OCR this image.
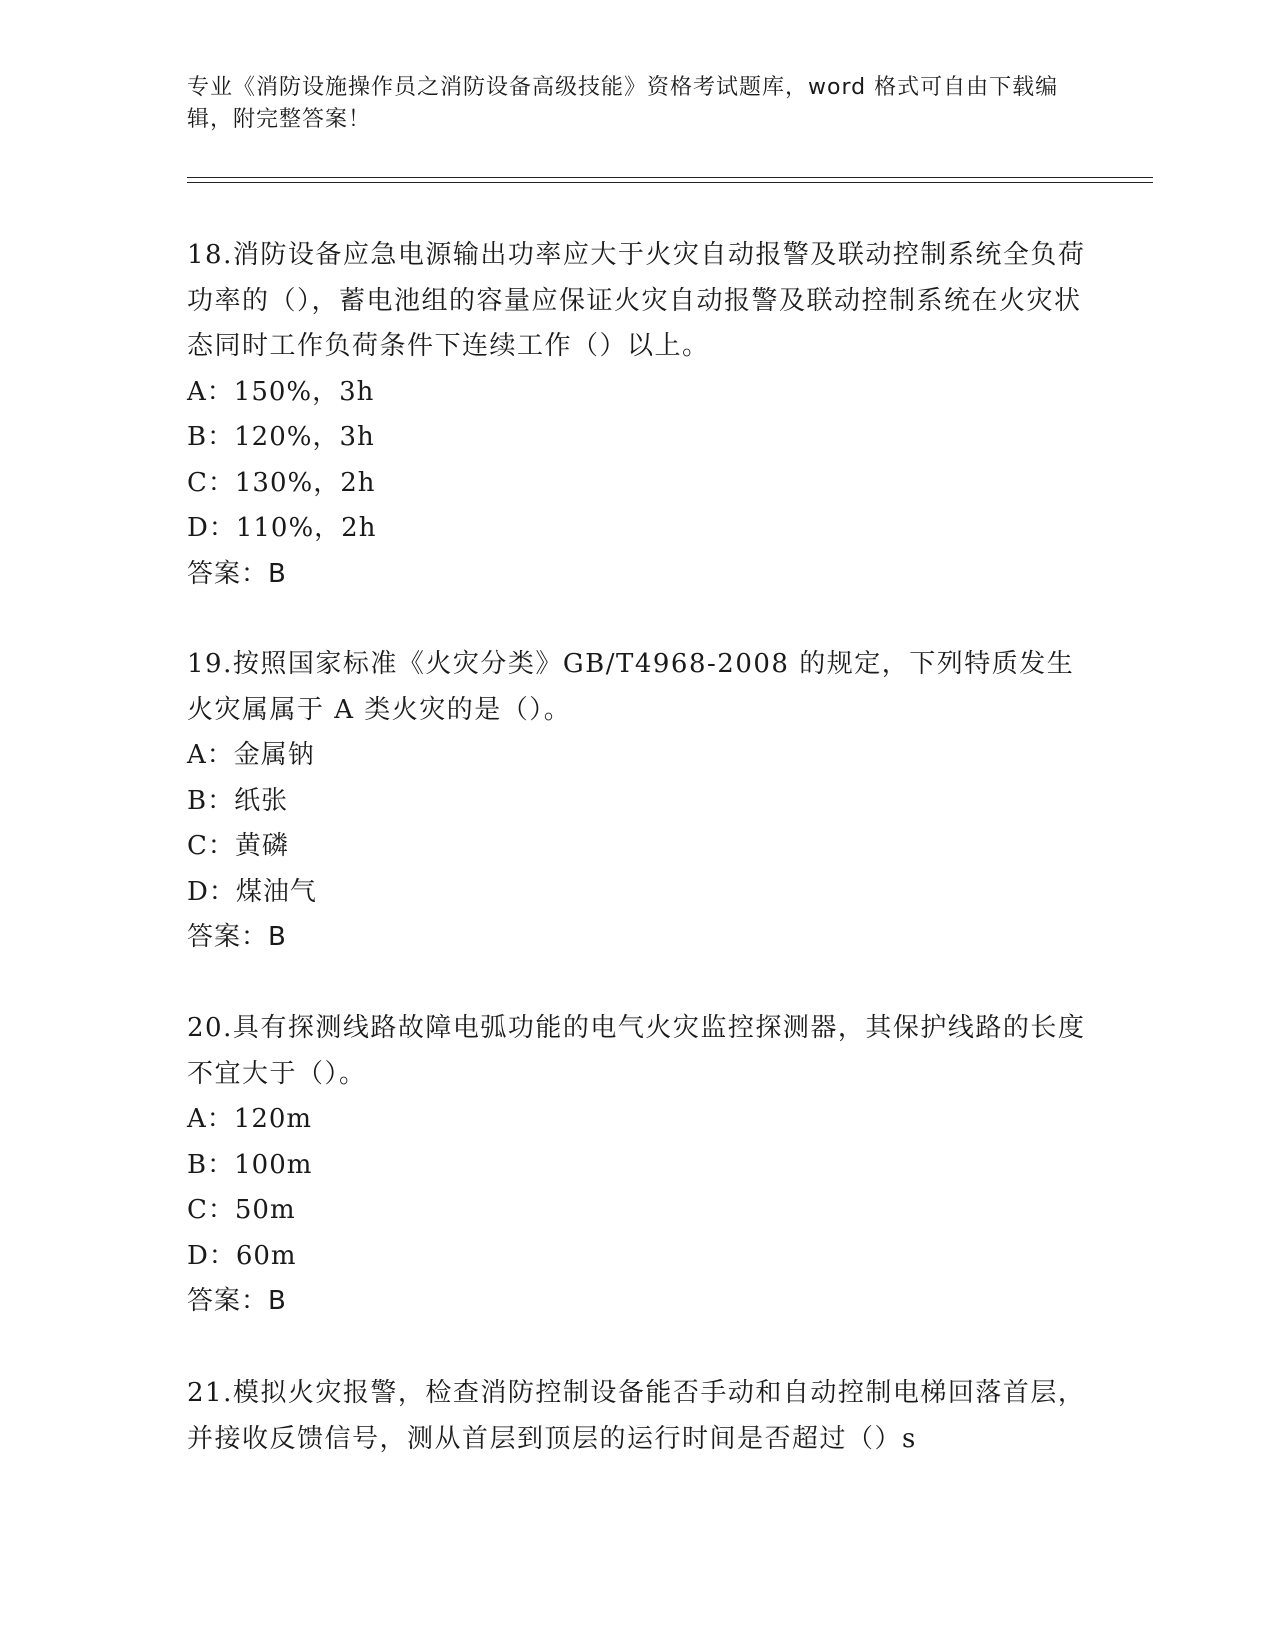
专业《消防设施操作员之消防设备高级技能》资格考试题库，word 格式可自由下载编辑，附完整答案！

18.消防设备应急电源输出功率应大于火灾自动报警及联动控制系统全负荷功率的（），蓄电池组的容量应保证火灾自动报警及联动控制系统在火灾状态同时工作负荷条件下连续工作（）以上。

A：150%，3h

B：120%，3h

C：130%，2h

D：110%，2h

答案：B

19.按照国家标准《火灾分类》GB/T4968-2008 的规定，下列特质发生火灾属属于 A 类火灾的是（）。

A：金属钠

B：纸张

C：黄磷

D：煤油气

答案：B

20.具有探测线路故障电弧功能的电气火灾监控探测器，其保护线路的长度不宜大于（）。

A：120m

B：100m

C：50m

D：60m

答案：B

21.模拟火灾报警，检查消防控制设备能否手动和自动控制电梯回落首层，并接收反馈信号，测从首层到顶层的运行时间是否超过（）s
